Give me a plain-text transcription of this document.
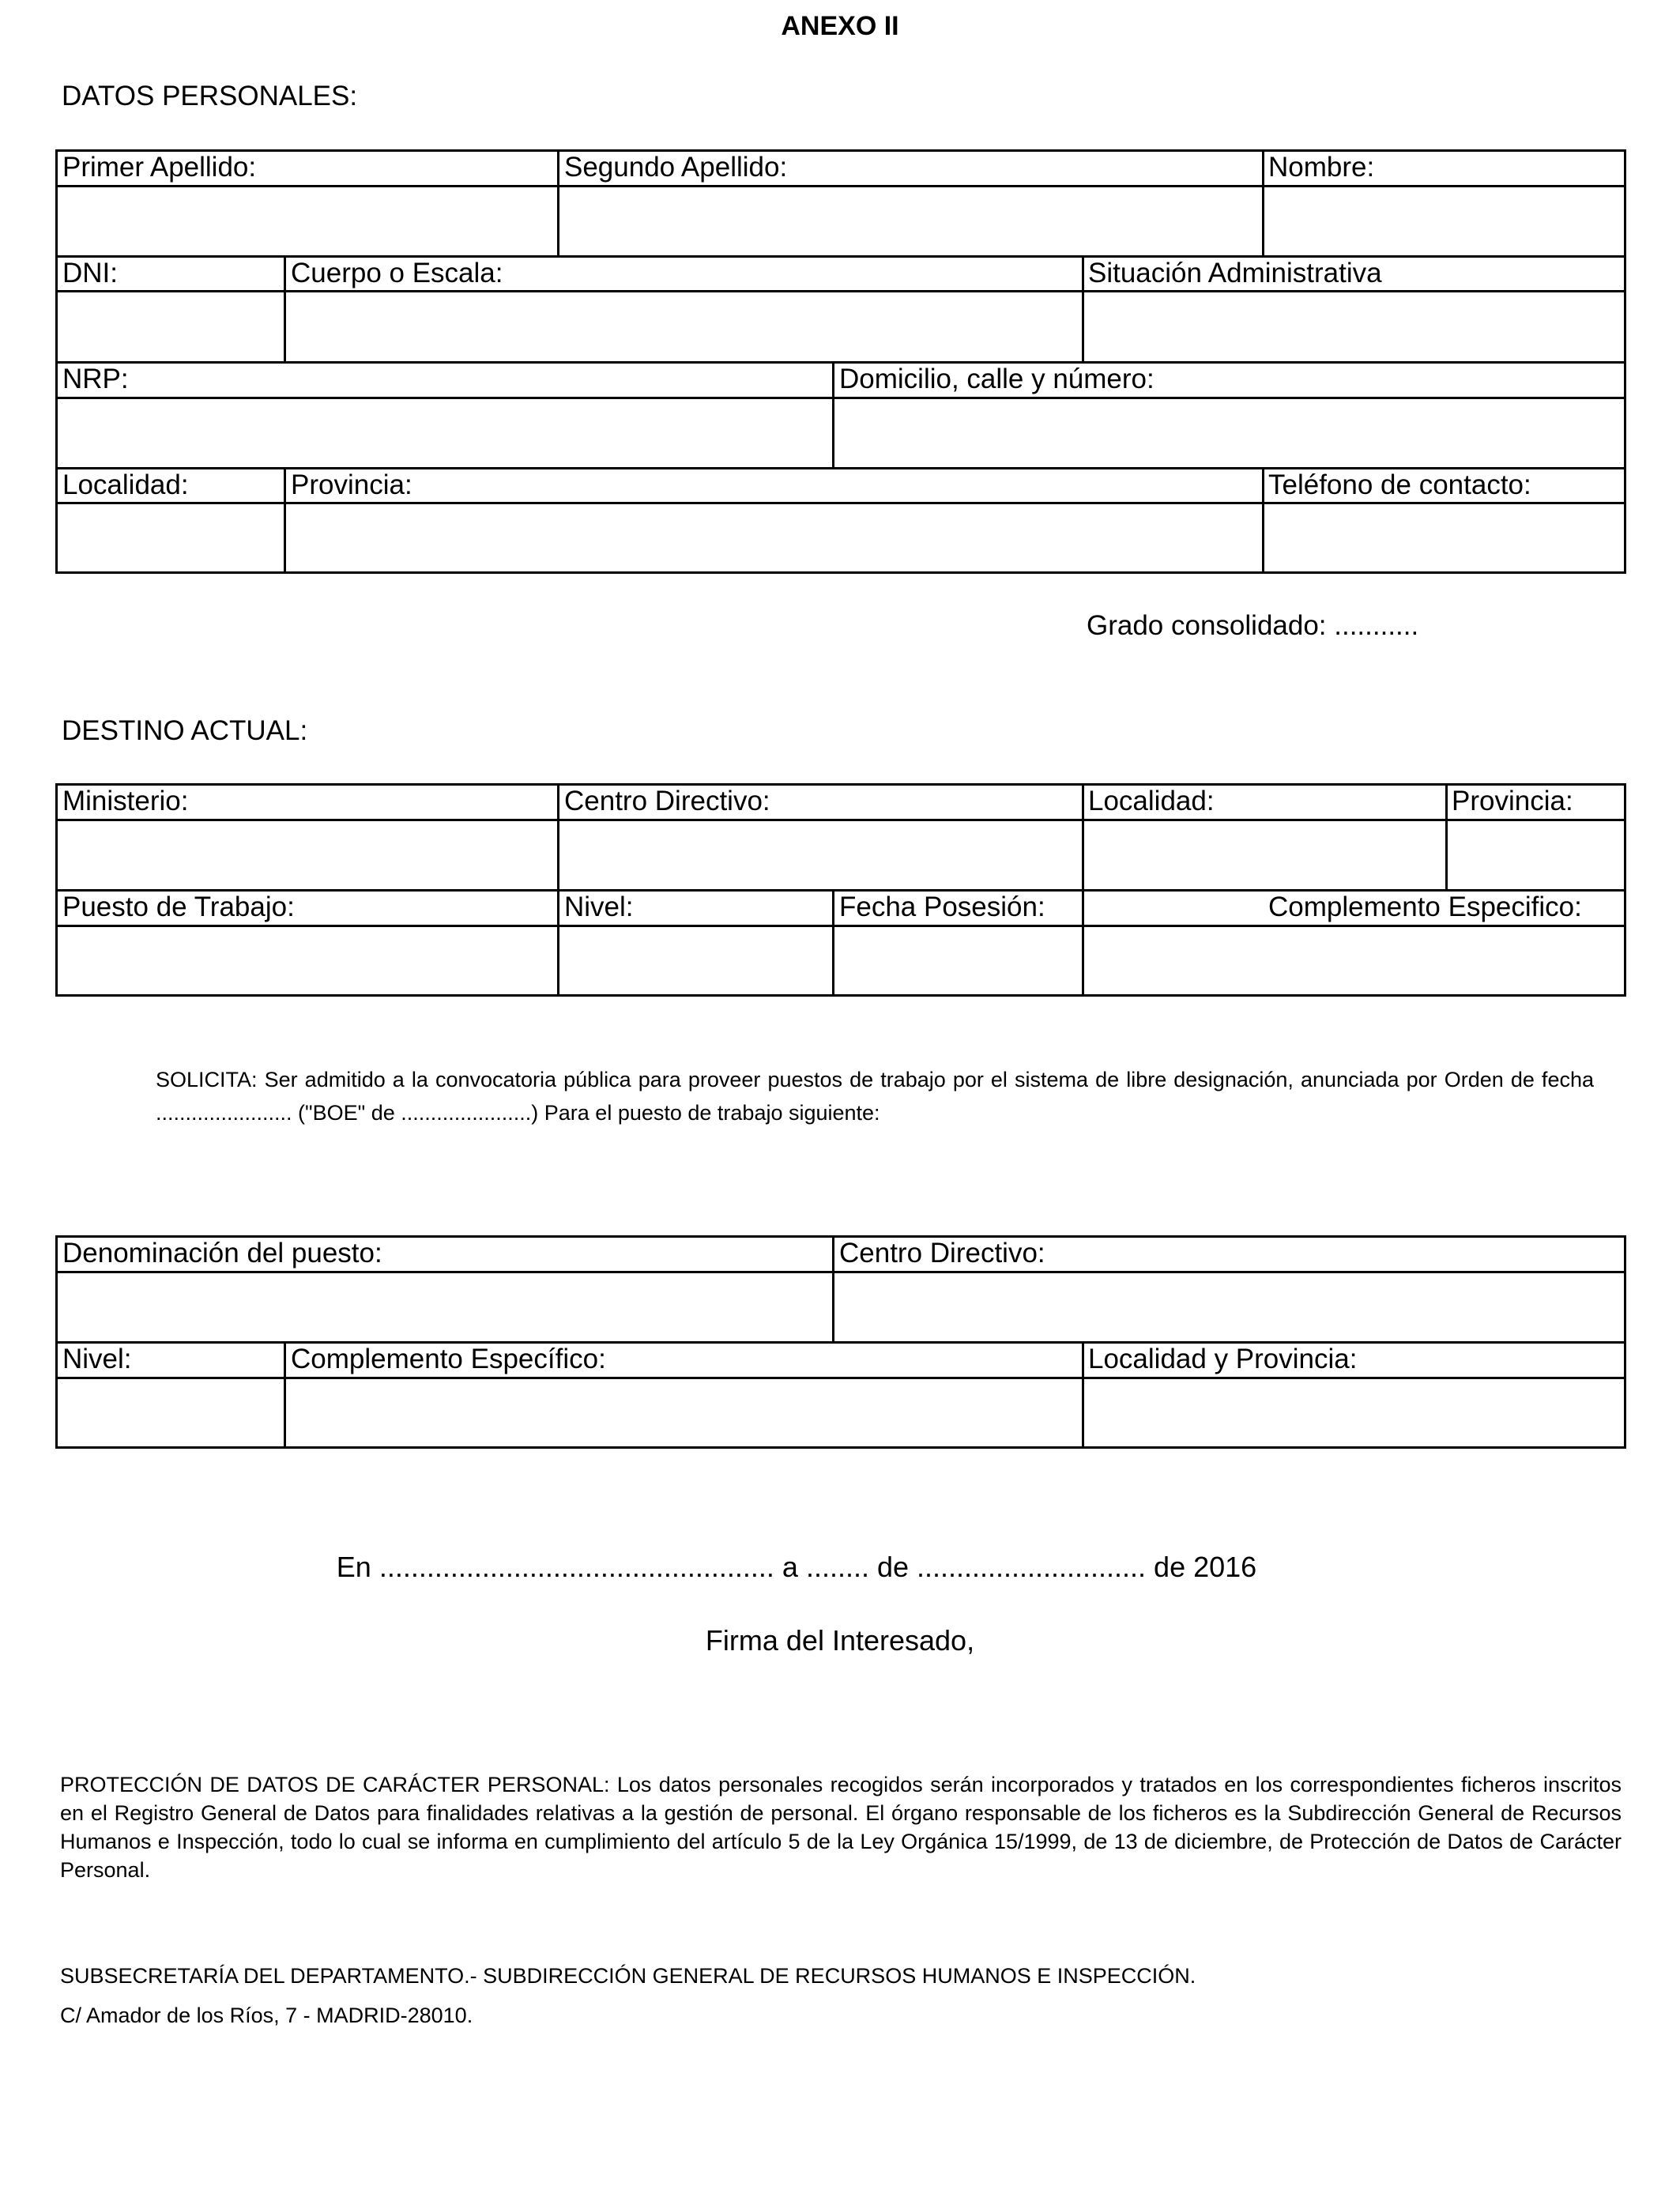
ANEXO II
DATOS PERSONALES:
Primer Apellido:	Segundo Apellido:	Nombre:
DNI:	Cuerpo o Escala:	Situación Administrativa
NRP:	Domicilio, calle y número:
Localidad:	Provincia:	Teléfono de contacto:
Grado consolidado: ...........
DESTINO ACTUAL:
Ministerio:	Centro Directivo:	Localidad:	Provincia:
Puesto de Trabajo:	Nivel:	Fecha Posesión:	Complemento Especifico:
SOLICITA: Ser admitido a la convocatoria pública para proveer puestos de trabajo por el sistema de libre designación, anunciada por Orden de fecha ....................... ("BOE" de ......................) Para el puesto de trabajo siguiente:
Denominación del puesto:	Centro Directivo:
Nivel:	Complemento Específico:	Localidad y Provincia:
En .................................................. a ........ de ............................. de 2016
Firma del Interesado,
PROTECCIÓN DE DATOS DE CARÁCTER PERSONAL: Los datos personales recogidos serán incorporados y tratados en los correspondientes ficheros inscritos en el Registro General de Datos para finalidades relativas a la gestión de personal. El órgano responsable de los ficheros es la Subdirección General de Recursos Humanos e Inspección, todo lo cual se informa en cumplimiento del artículo 5 de la Ley Orgánica 15/1999, de 13 de diciembre, de Protección de Datos de Carácter Personal.
SUBSECRETARÍA DEL DEPARTAMENTO.- SUBDIRECCIÓN GENERAL DE RECURSOS HUMANOS E INSPECCIÓN.
C/ Amador de los Ríos, 7 - MADRID-28010.
